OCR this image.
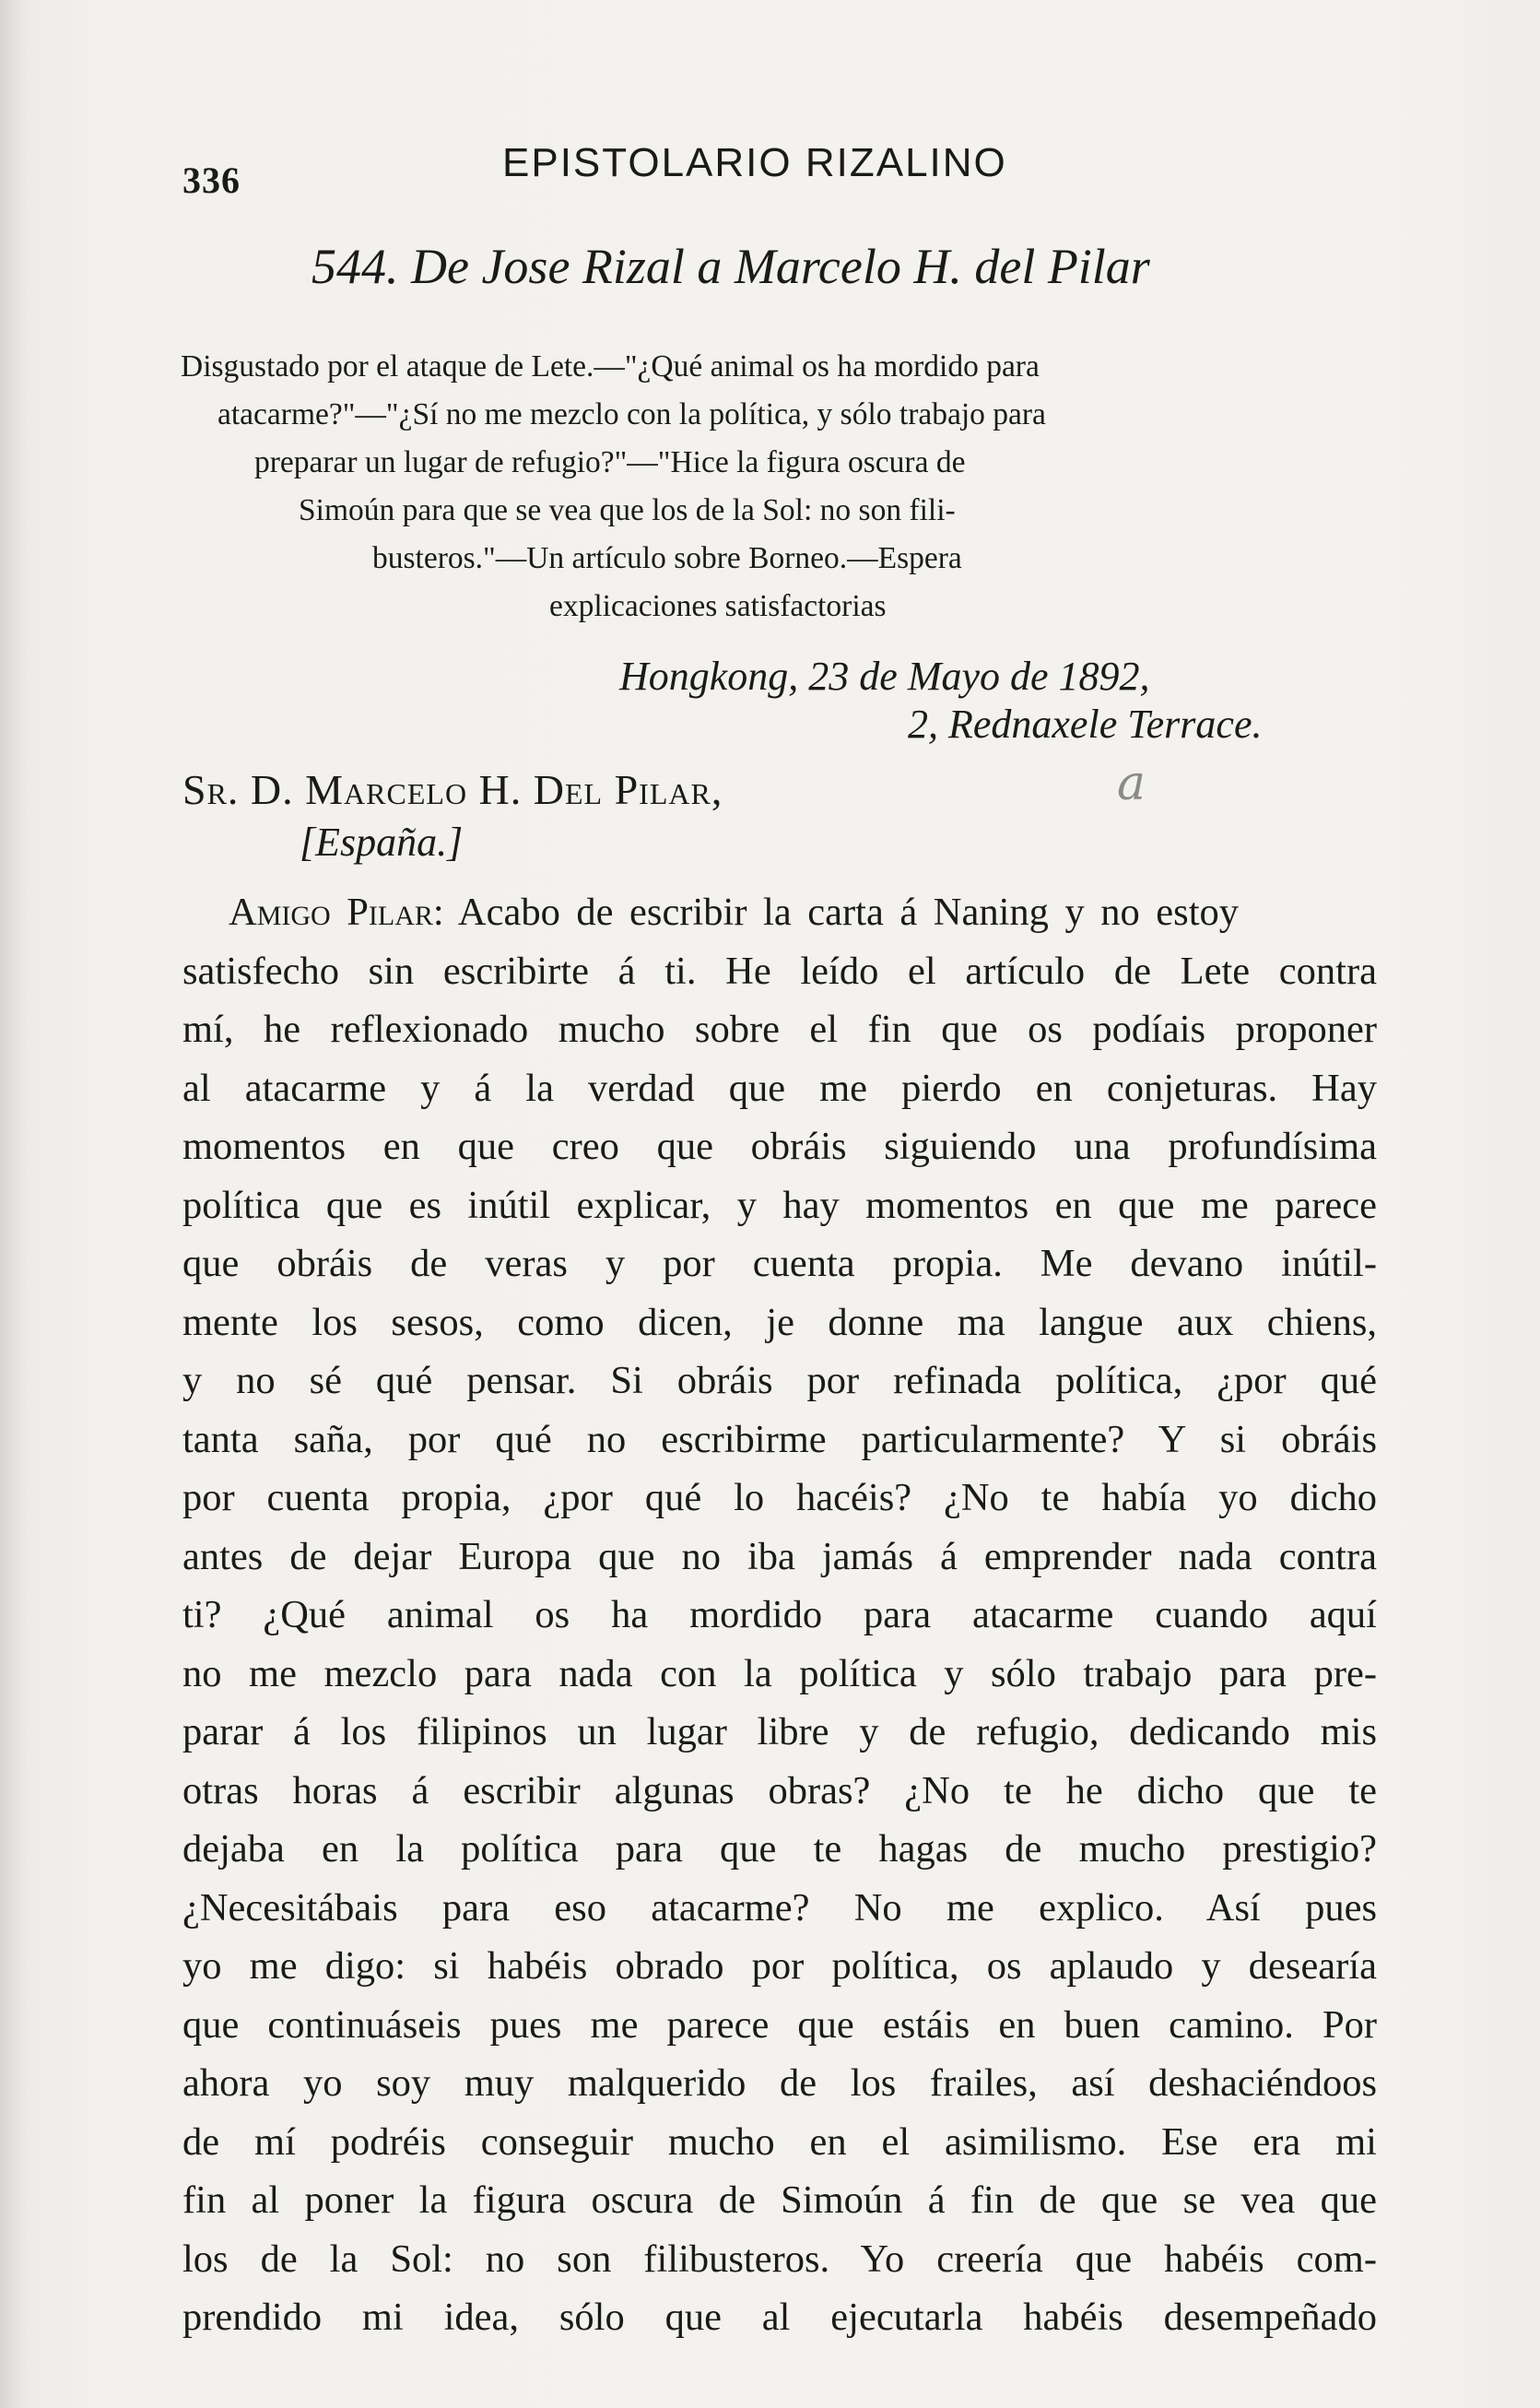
336	EPISTOLARIO RIZALINO
544. De Jose Rizal a Marcelo H. del Pilar
Disgustado por el ataque de Lete.—"¿Qué animal os ha mordido para
atacarme?"—"¿Sí no me mezclo con la política, y sólo trabajo para
preparar un lugar de refugio?"—"Hice la figura oscura de
Simoún para que se vea que los de la Sol: no son fili-
busteros."—Un artículo sobre Borneo.—Espera
explicaciones satisfactorias
Hongkong, 23 de Mayo de 1892,
2, Rednaxele Terrace.
a
Sr. D. Marcelo H. Del Pilar,
[España.]
Amigo Pilar: Acabo de escribir la carta á Naning y no estoy
satisfecho sin escribirte á ti. He leído el artículo de Lete contra
mí, he reflexionado mucho sobre el fin que os podíais proponer
al atacarme y á la verdad que me pierdo en conjeturas. Hay
momentos en que creo que obráis siguiendo una profundísima
política que es inútil explicar, y hay momentos en que me parece
que obráis de veras y por cuenta propia. Me devano inútil-
mente los sesos, como dicen, je donne ma langue aux chiens,
y no sé qué pensar. Si obráis por refinada política, ¿por qué
tanta saña, por qué no escribirme particularmente? Y si obráis
por cuenta propia, ¿por qué lo hacéis? ¿No te había yo dicho
antes de dejar Europa que no iba jamás á emprender nada contra
ti? ¿Qué animal os ha mordido para atacarme cuando aquí
no me mezclo para nada con la política y sólo trabajo para pre-
parar á los filipinos un lugar libre y de refugio, dedicando mis
otras horas á escribir algunas obras? ¿No te he dicho que te
dejaba en la política para que te hagas de mucho prestigio?
¿Necesitábais para eso atacarme? No me explico. Así pues
yo me digo: si habéis obrado por política, os aplaudo y desearía
que continuáseis pues me parece que estáis en buen camino. Por
ahora yo soy muy malquerido de los frailes, así deshaciéndoos
de mí podréis conseguir mucho en el asimilismo. Ese era mi
fin al poner la figura oscura de Simoún á fin de que se vea que
los de la Sol: no son filibusteros. Yo creería que habéis com-
prendido mi idea, sólo que al ejecutarla habéis desempeñado
